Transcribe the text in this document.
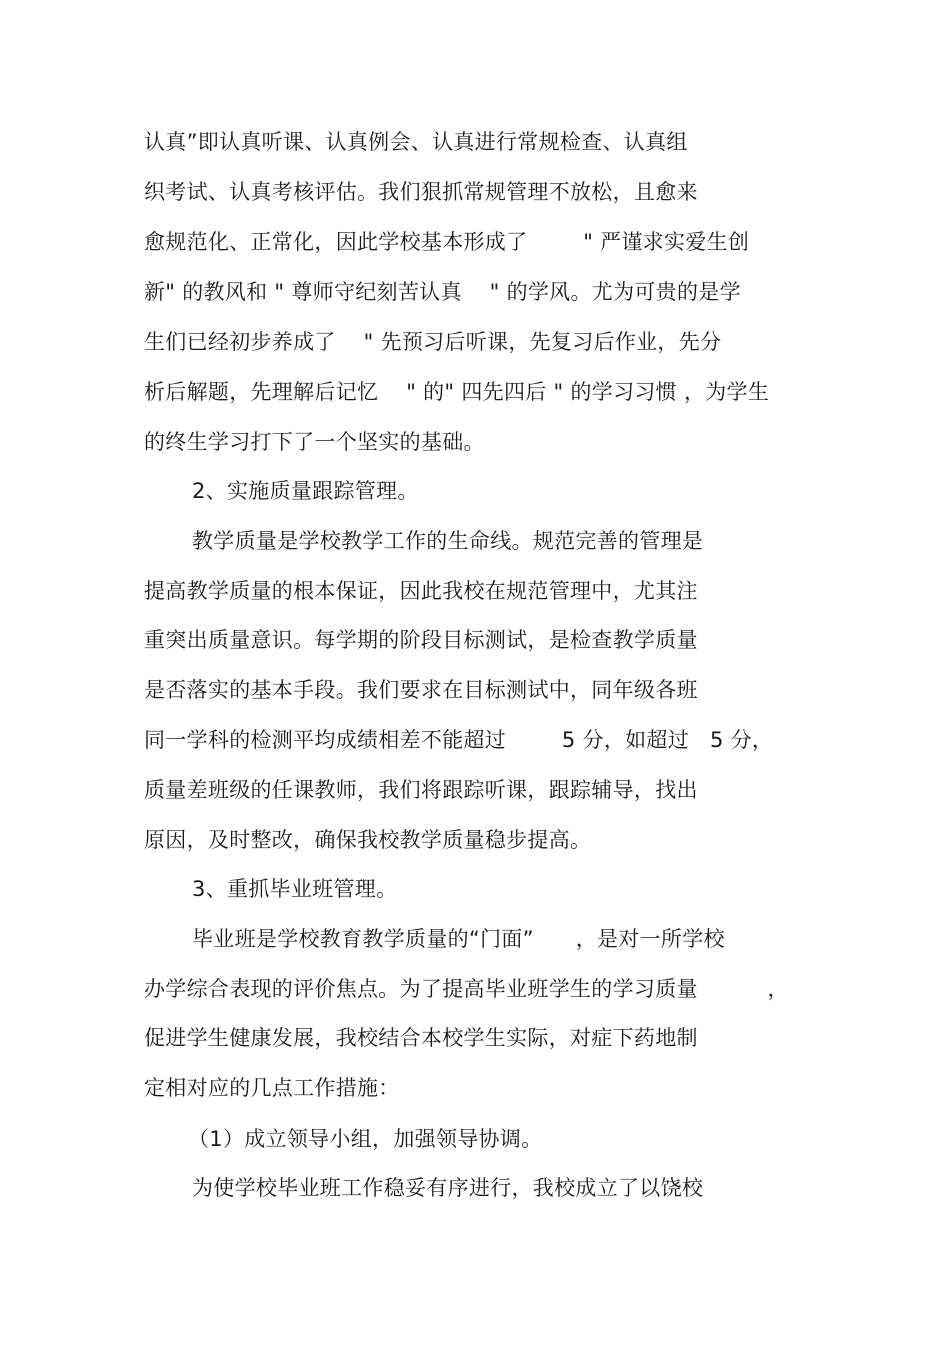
认真”即认真听课、认真例会、认真进行常规检查、认真组
织考试、认真考核评估。我们狠抓常规管理不放松，且愈来
愈规范化、正常化，因此学校基本形成了        " 严谨求实爱生创
新" 的教风和 " 尊师守纪刻苦认真    " 的学风。尤为可贵的是学
生们已经初步养成了    " 先预习后听课，先复习后作业，先分
析后解题，先理解后记忆    " 的" 四先四后 " 的学习习惯 ，为学生
的终生学习打下了一个坚实的基础。
2、实施质量跟踪管理。
教学质量是学校教学工作的生命线。规范完善的管理是
提高教学质量的根本保证，因此我校在规范管理中，尤其注
重突出质量意识。每学期的阶段目标测试，是检查教学质量
是否落实的基本手段。我们要求在目标测试中，同年级各班
同一学科的检测平均成绩相差不能超过        5 分，如超过   5 分，
质量差班级的任课教师，我们将跟踪听课，跟踪辅导，找出
原因，及时整改，确保我校教学质量稳步提高。
3、重抓毕业班管理。
毕业班是学校教育教学质量的“门面”      ，是对一所学校
办学综合表现的评价焦点。为了提高毕业班学生的学习质量          ，
促进学生健康发展，我校结合本校学生实际，对症下药地制
定相对应的几点工作措施：
（1）成立领导小组，加强领导协调。
为使学校毕业班工作稳妥有序进行，我校成立了以饶校
